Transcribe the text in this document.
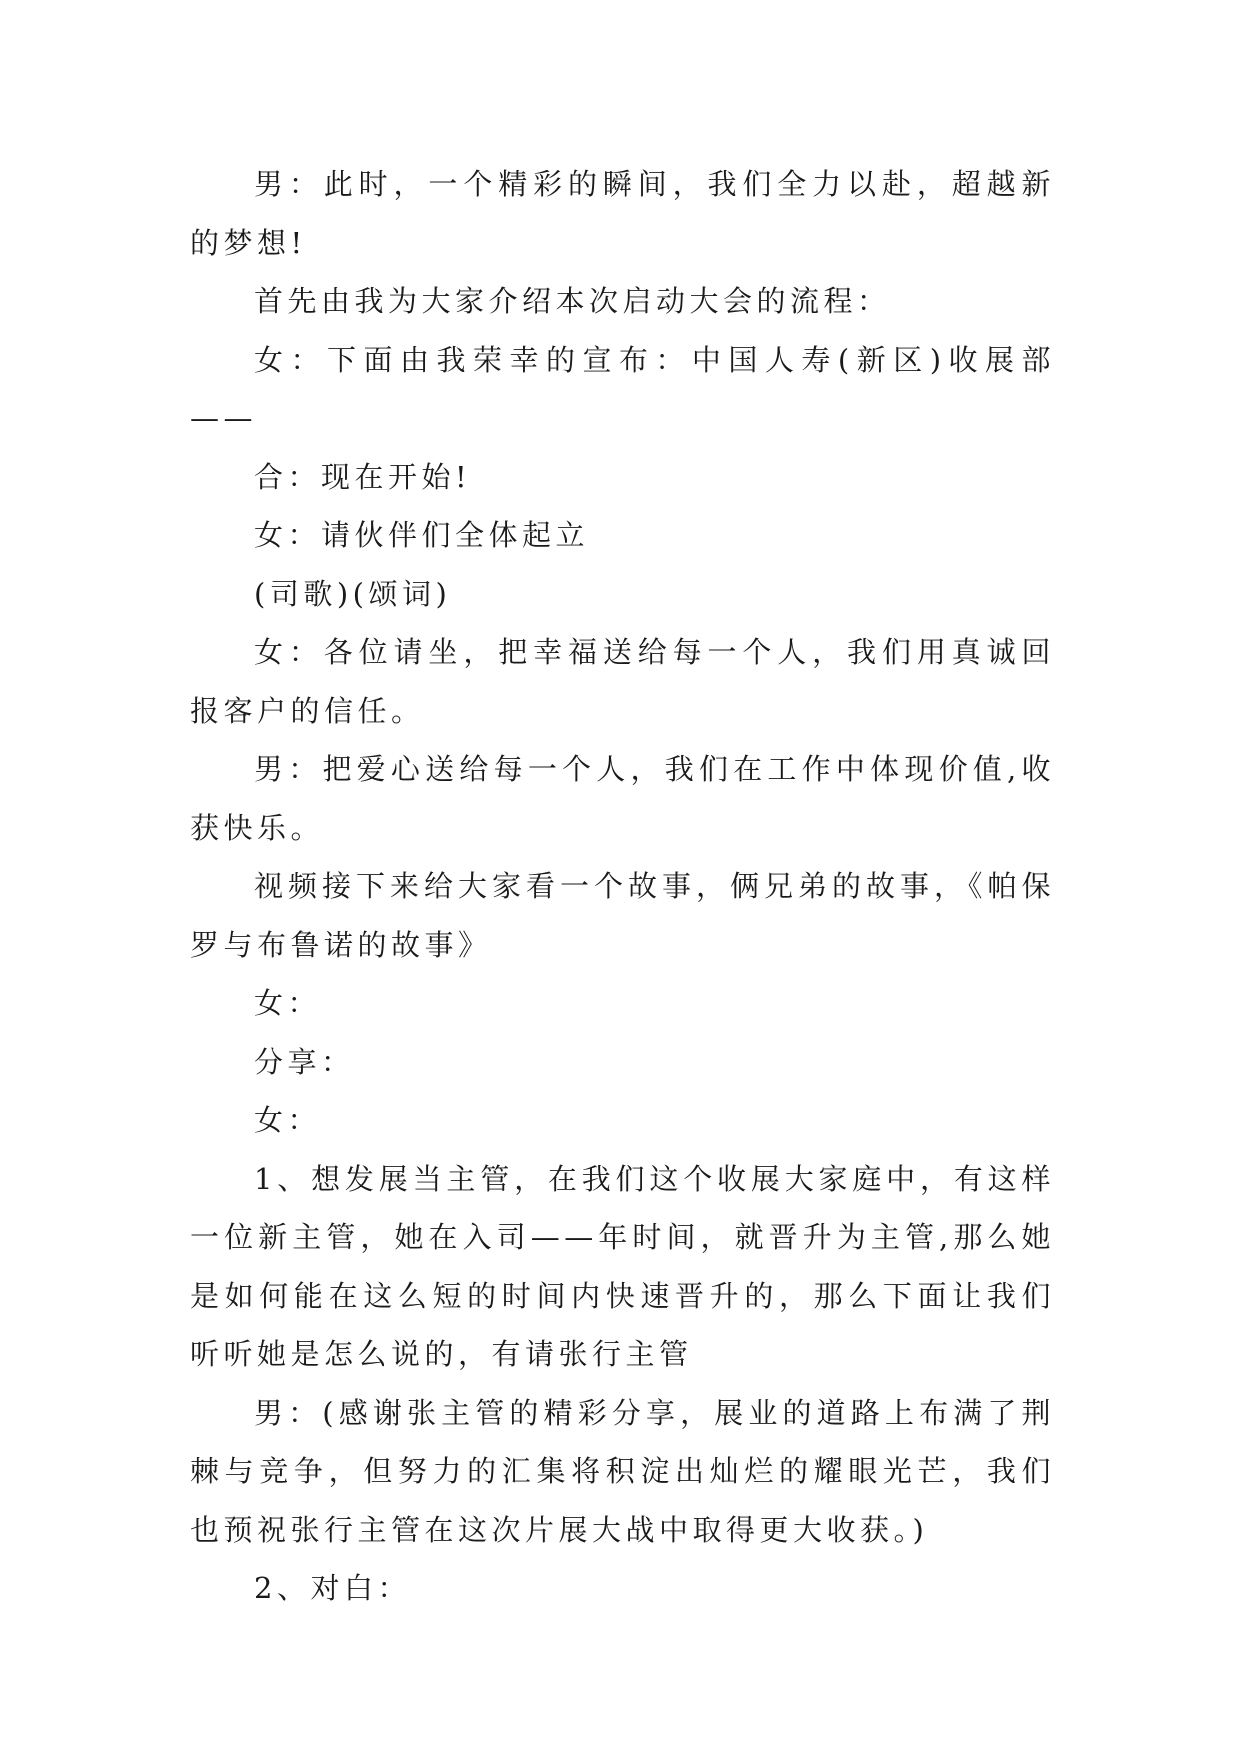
男：此时，一个精彩的瞬间，我们全力以赴，超越新的梦想!

首先由我为大家介绍本次启动大会的流程：

女：下面由我荣幸的宣布：中国人寿(新区)收展部——

合：现在开始!

女：请伙伴们全体起立

(司歌)(颂词)

女：各位请坐，把幸福送给每一个人，我们用真诚回报客户的信任。

男：把爱心送给每一个人，我们在工作中体现价值,收获快乐。

视频接下来给大家看一个故事，俩兄弟的故事，《帕保罗与布鲁诺的故事》

女：

分享：

女：

1、想发展当主管，在我们这个收展大家庭中，有这样一位新主管，她在入司——年时间，就晋升为主管,那么她是如何能在这么短的时间内快速晋升的，那么下面让我们听听她是怎么说的，有请张行主管

男：(感谢张主管的精彩分享，展业的道路上布满了荆棘与竞争，但努力的汇集将积淀出灿烂的耀眼光芒，我们也预祝张行主管在这次片展大战中取得更大收获。)

2、对白：
